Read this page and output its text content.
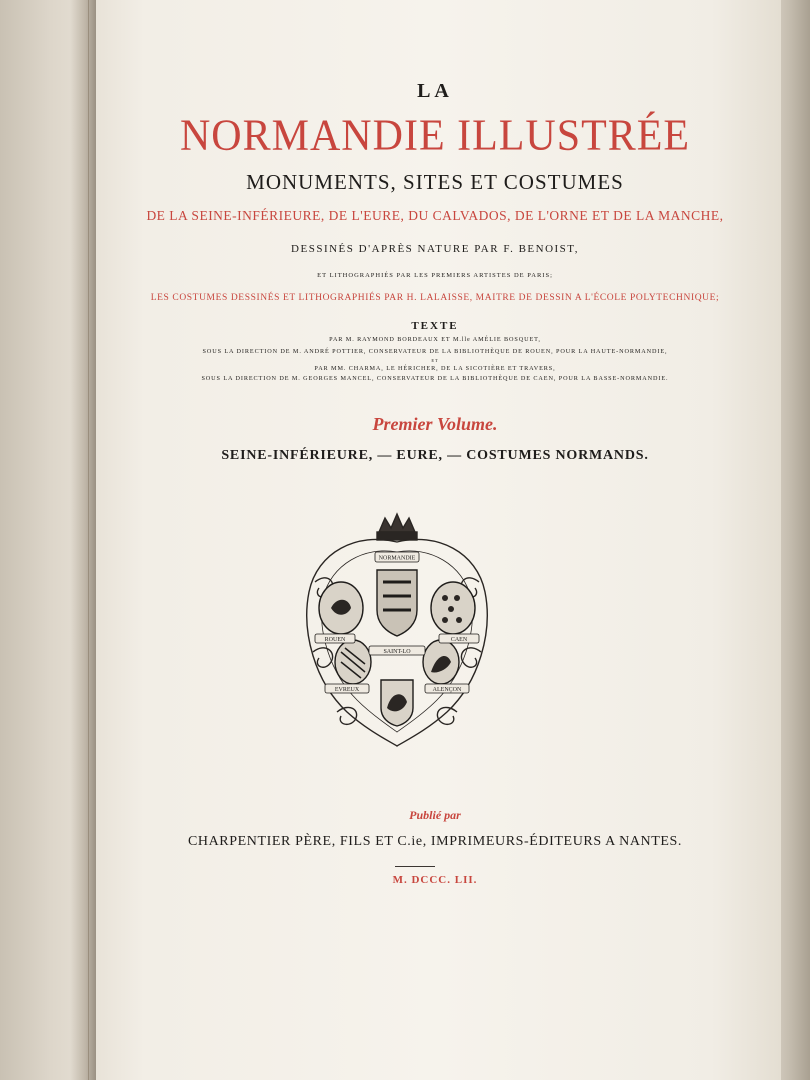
LA
NORMANDIE ILLUSTRÉE
MONUMENTS, SITES ET COSTUMES
DE LA SEINE-INFÉRIEURE, DE L'EURE, DU CALVADOS, DE L'ORNE ET DE LA MANCHE,
DESSINÉS D'APRÈS NATURE PAR F. BENOIST,
ET LITHOGRAPHIÉS PAR LES PREMIERS ARTISTES DE PARIS;
LES COSTUMES DESSINÉS ET LITHOGRAPHIÉS PAR H. LALAISSE, MAITRE DE DESSIN A L'ÉCOLE POLYTECHNIQUE;
TEXTE
PAR M. RAYMOND BORDEAUX ET M.lle AMÉLIE BOSQUET,
SOUS LA DIRECTION DE M. ANDRÉ POTTIER, CONSERVATEUR DE LA BIBLIOTHÈQUE DE ROUEN, POUR LA HAUTE-NORMANDIE,
ET
PAR MM. CHARMA, LE HÉRICHER, DE LA SICOTIÈRE ET TRAVERS,
SOUS LA DIRECTION DE M. GEORGES MANCEL, CONSERVATEUR DE LA BIBLIOTHÈQUE DE CAEN, POUR LA BASSE-NORMANDIE.
Premier Volume.
SEINE-INFÉRIEURE, — EURE, — COSTUMES NORMANDS.
NORMANDIE
ROUEN	CAEN
SAINT-LO
EVREUX	ALENÇON
Publié par
CHARPENTIER PÈRE, FILS ET C.ie, IMPRIMEURS-ÉDITEURS A NANTES.
M. DCCC. LII.
